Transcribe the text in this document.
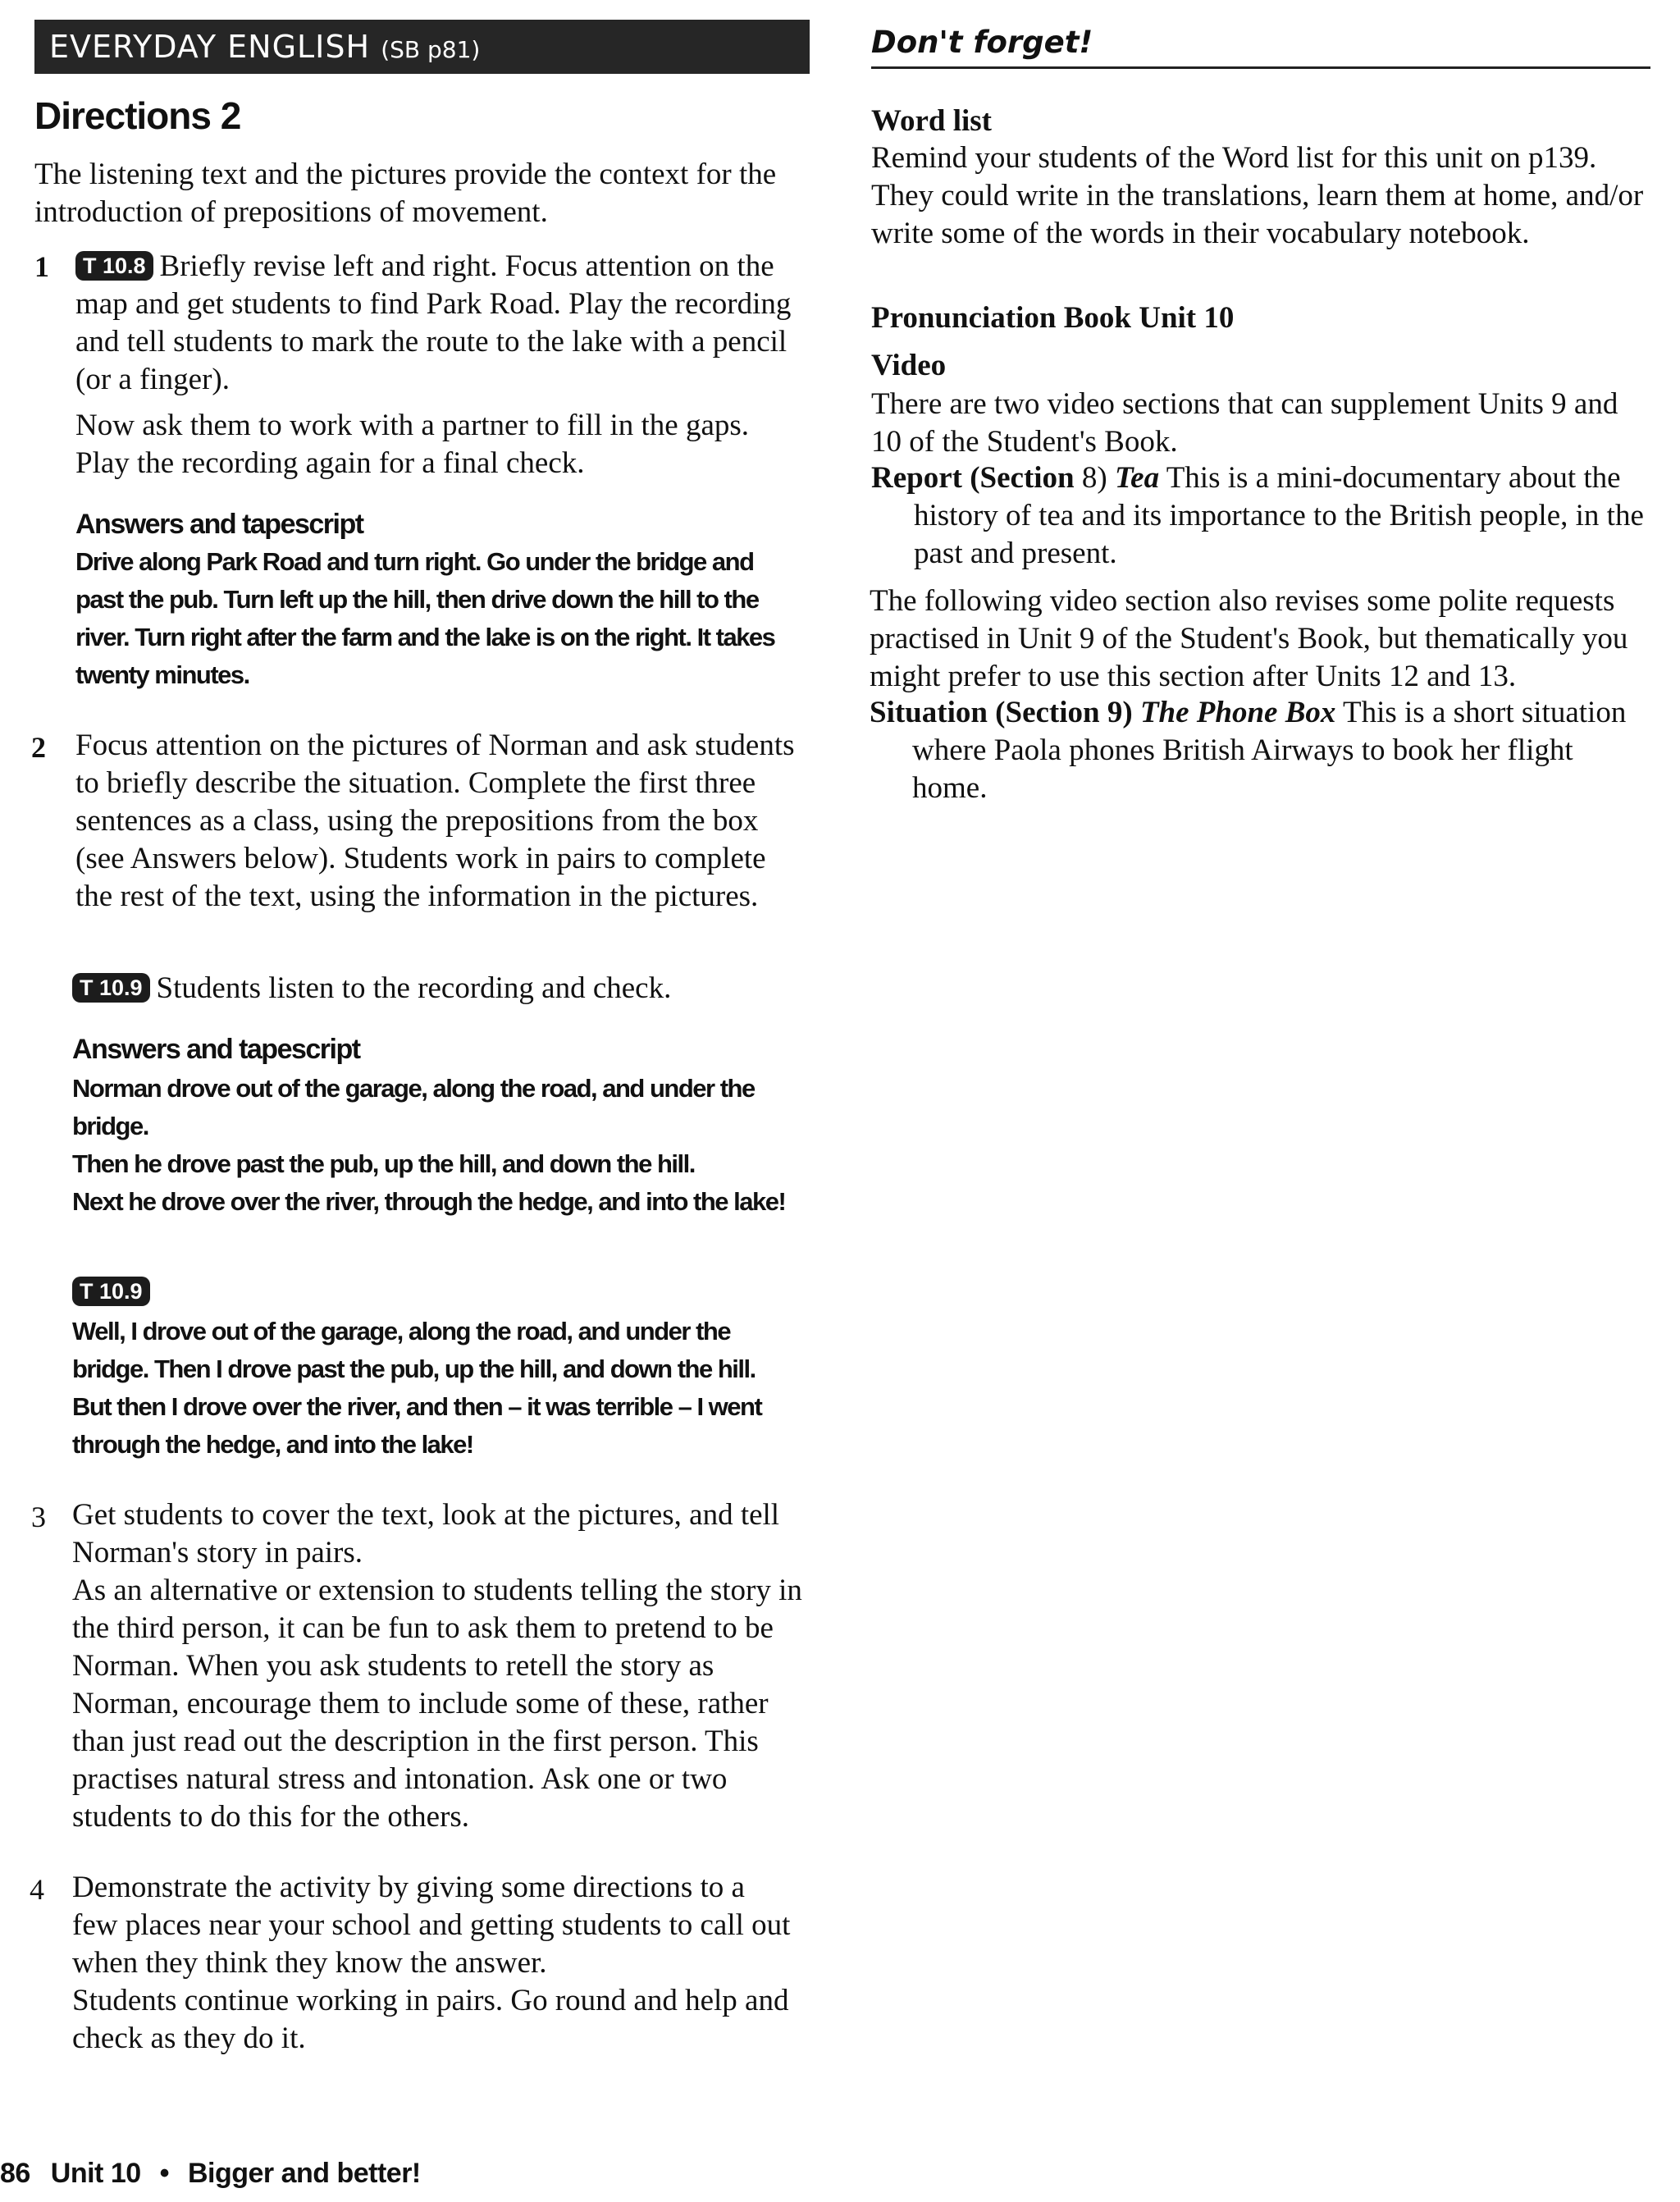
EVERYDAY ENGLISH (SB p81)
Directions 2

The listening text and the pictures provide the context for the introduction of prepositions of movement.

1	T 10.8 Briefly revise left and right. Focus attention on the map and get students to find Park Road. Play the recording and tell students to mark the route to the lake with a pencil (or a finger).

Now ask them to work with a partner to fill in the gaps. Play the recording again for a final check.

Answers and tapescript

Drive along Park Road and turn right. Go under the bridge and past the pub. Turn left up the hill, then drive down the hill to the river. Turn right after the farm and the lake is on the right. It takes twenty minutes.

2 Focus attention on the pictures of Norman and ask students to briefly describe the situation. Complete the first three sentences as a class, using the prepositions from the box (see Answers below). Students work in pairs to complete the rest of the text, using the information in the pictures.

T 10.9 Students listen to the recording and check.

Answers and tapescript

Norman drove out of the garage, along the road, and under the bridge.

Then he drove past the pub, up the hill, and down the hill.

Next he drove over the river, through the hedge, and into the lake!

T 10.9

Well, I drove out of the garage, along the road, and under the bridge. Then I drove past the pub, up the hill, and down the hill. But then I drove over the river, and then – it was terrible – I went through the hedge, and into the lake!

3 Get students to cover the text, look at the pictures, and tell Norman's story in pairs.

As an alternative or extension to students telling the story in the third person, it can be fun to ask them to pretend to be Norman. When you ask students to retell the story as Norman, encourage them to include some of these, rather than just read out the description in the first person. This practises natural stress and intonation. Ask one or two students to do this for the others.

4 Demonstrate the activity by giving some directions to a few places near your school and getting students to call out when they think they know the answer.

Students continue working in pairs. Go round and help and check as they do it.

86 Unit 10 • Bigger and better!

Don't forget!

Word list

Remind your students of the Word list for this unit on p139. They could write in the translations, learn them at home, and/or write some of the words in their vocabulary notebook.

Pronunciation Book Unit 10

Video

There are two video sections that can supplement Units 9 and 10 of the Student's Book.

Report (Section 8) Tea This is a mini-documentary about the history of tea and its importance to the British people, in the past and present.

The following video section also revises some polite requests practised in Unit 9 of the Student's Book, but thematically you might prefer to use this section after Units 12 and 13.

Situation (Section 9) The Phone Box This is a short situation where Paola phones British Airways to book her flight home.
